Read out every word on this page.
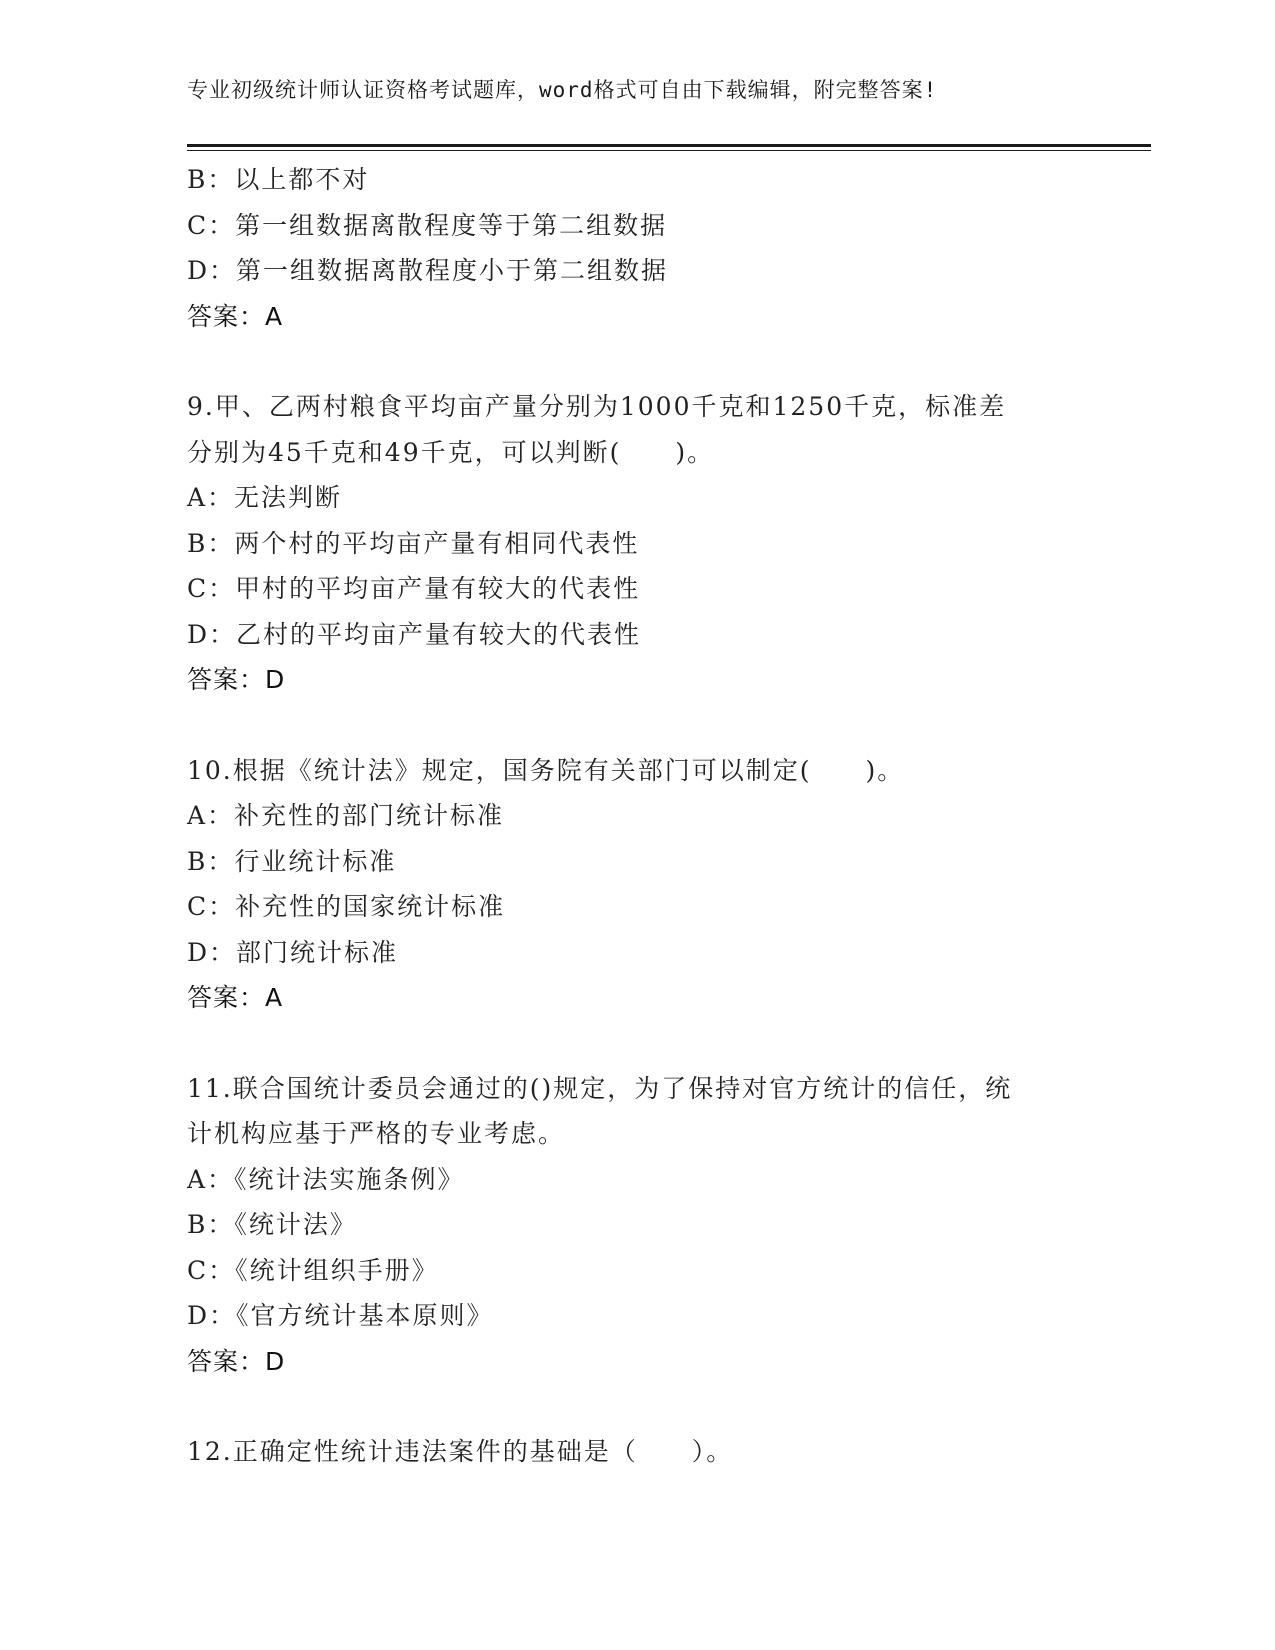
专业初级统计师认证资格考试题库，word格式可自由下载编辑，附完整答案!
B：以上都不对
C：第一组数据离散程度等于第二组数据
D：第一组数据离散程度小于第二组数据
答案：A
9.甲、乙两村粮食平均亩产量分别为1000千克和1250千克，标准差
分别为45千克和49千克，可以判断(　　)。
A：无法判断
B：两个村的平均亩产量有相同代表性
C：甲村的平均亩产量有较大的代表性
D：乙村的平均亩产量有较大的代表性
答案：D
10.根据《统计法》规定，国务院有关部门可以制定(　　)。
A：补充性的部门统计标准
B：行业统计标准
C：补充性的国家统计标准
D：部门统计标准
答案：A
11.联合国统计委员会通过的()规定，为了保持对官方统计的信任，统
计机构应基于严格的专业考虑。
A：《统计法实施条例》
B：《统计法》
C：《统计组织手册》
D：《官方统计基本原则》
答案：D
12.正确定性统计违法案件的基础是（　　）。
